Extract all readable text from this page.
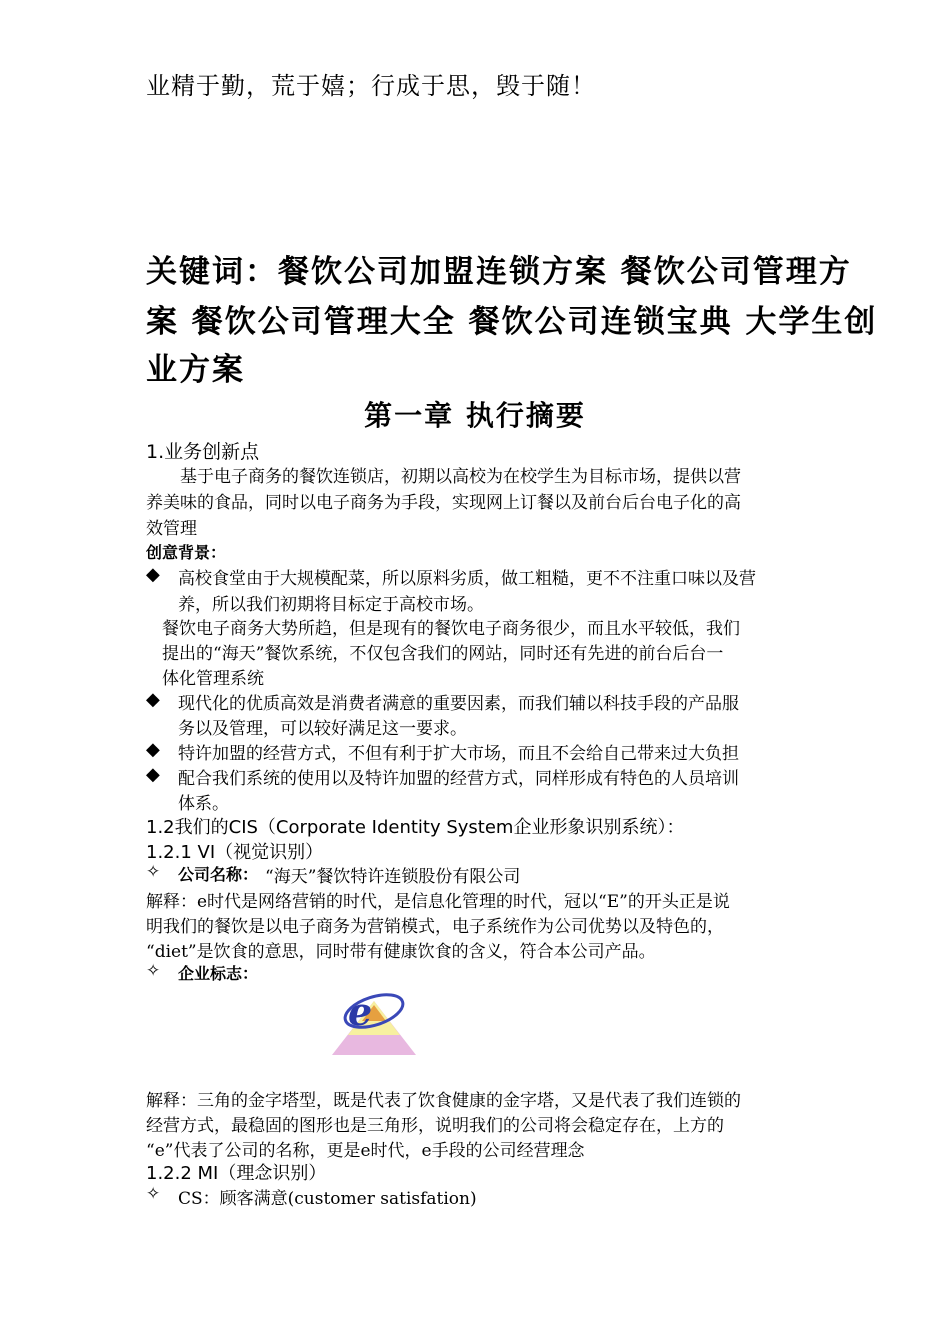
业精于勤，荒于嬉；行成于思，毁于随！
关键词：餐饮公司加盟连锁方案 餐饮公司管理方
案 餐饮公司管理大全 餐饮公司连锁宝典 大学生创
业方案
第一章 执行摘要
1.业务创新点
基于电子商务的餐饮连锁店，初期以高校为在校学生为目标市场，提供以营
养美味的食品，同时以电子商务为手段，实现网上订餐以及前台后台电子化的高
效管理
创意背景：
◆ 高校食堂由于大规模配菜，所以原料劣质，做工粗糙，更不不注重口味以及营
养，所以我们初期将目标定于高校市场。
餐饮电子商务大势所趋，但是现有的餐饮电子商务很少，而且水平较低，我们
提出的“海天”餐饮系统，不仅包含我们的网站，同时还有先进的前台后台一
体化管理系统
◆ 现代化的优质高效是消费者满意的重要因素，而我们辅以科技手段的产品服
务以及管理，可以较好满足这一要求。
◆ 特许加盟的经营方式，不但有利于扩大市场，而且不会给自己带来过大负担
◆ 配合我们系统的使用以及特许加盟的经营方式，同样形成有特色的人员培训
体系。
1.2我们的CIS（Corporate Identity System企业形象识别系统）：
1.2.1 VI（视觉识别）
✧ 公司名称： “海天”餐饮特许连锁股份有限公司
解释：e时代是网络营销的时代，是信息化管理的时代，冠以“E”的开头正是说
明我们的餐饮是以电子商务为营销模式，电子系统作为公司优势以及特色的，
“diet”是饮食的意思，同时带有健康饮食的含义，符合本公司产品。
✧ 企业标志：
e
解释：三角的金字塔型，既是代表了饮食健康的金字塔，又是代表了我们连锁的
经营方式，最稳固的图形也是三角形，说明我们的公司将会稳定存在，上方的
“e”代表了公司的名称，更是e时代，e手段的公司经营理念
1.2.2 MI（理念识别）
✧ CS：顾客满意(customer satisfation)
